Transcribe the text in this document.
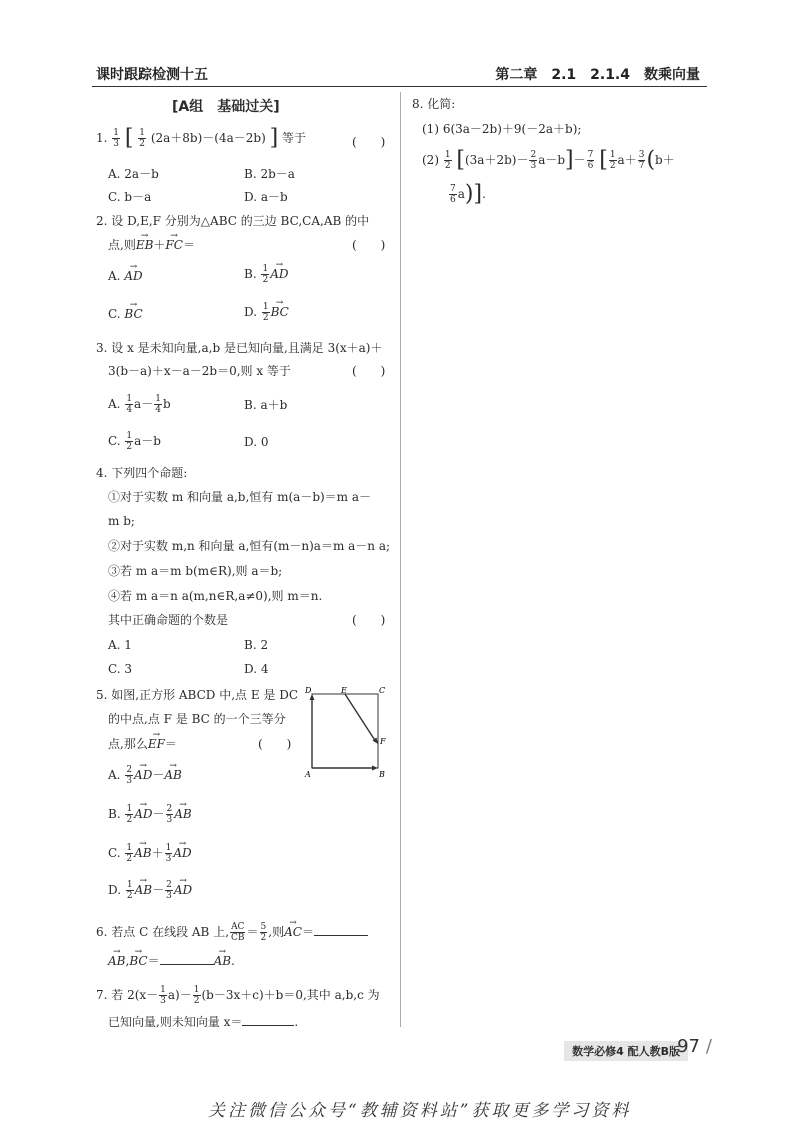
课时跟踪检测十五	第二章　2.1　2.1.4　数乘向量
[A组　基础过关]
1. $\frac{1}{3}$ [ $\frac{1}{2} (2a+8b)-(4a-2b)$ ] 等于	(　　)
A. 2a－b	B. 2b－a
C. b－a	D. a－b
2. 设 D,E,F 分别为△ABC 的三边 BC,CA,AB 的中
点,则→ EB＋→ FC＝	(　　)
A. → AD	B. $\frac{1}{2}$
→ AD
C. → BC	D. $\frac{1}{2}$
→ BC
3. 设 x 是未知向量,a,b 是已知向量,且满足 3(x＋a)＋
3(b－a)＋x－a－2b＝0,则 x 等于	(　　)
A. $\frac{1}{4} a- \frac{1}{4}$ b	B. a＋b
C. $\frac{1}{2} a-b$	D. 0
4. 下列四个命题:
①对于实数 m 和向量 a,b,恒有 m(a－b)＝m a－
m b;
②对于实数 m,n 和向量 a,恒有(m－n)a＝m a－n a;
③若 m a＝m b(m∈R),则 a＝b;
④若 m a＝n a(m,n∈R,a≠0),则 m＝n.
其中正确命题的个数是	(　　)
A. 1	B. 2
C. 3	D. 4
5. 如图,正方形 ABCD 中,点 E 是 DC
的中点,点 F 是 BC 的一个三等分
点,那么→ EF＝	(　　)
D	E	C
F
A	B
A. $\frac{2}{3}$
→ AD－→ AB
B. $\frac{1}{2}$
→ $AD- \frac{2}{3}$
→ AB
C. $\frac{1}{2}$
→ $AB+ \frac{1}{3}$
→ AD
D. $\frac{1}{2}$
→ $AB- \frac{2}{3}$
→ AD
6. 若点 C 在线段 AB 上, $\frac{AC}{CB} = \frac{5}{2}$ ,则→ AC＝
→ AB,→ BC＝→	AB.
7. 若 $2(x- \frac{1}{3} a)- \frac{1}{2} (b-3x+c)+b=0$,其中 a,b,c 为
已知向量,则未知向量 x＝	.
8. 化简:
(1) 6(3a－2b)＋9(－2a＋b);
$(2) \frac{1}{2} [(3a+2b)- \frac{2}{3} a-b]- \frac{7}{6}$ [ $\frac{1}{2} a+ \frac{3}{7} (b+$
$\frac{7}{6} a$)].
数学必修4 配人教B版
97 /
关注微信公众号“教辅资料站”获取更多学习资料
